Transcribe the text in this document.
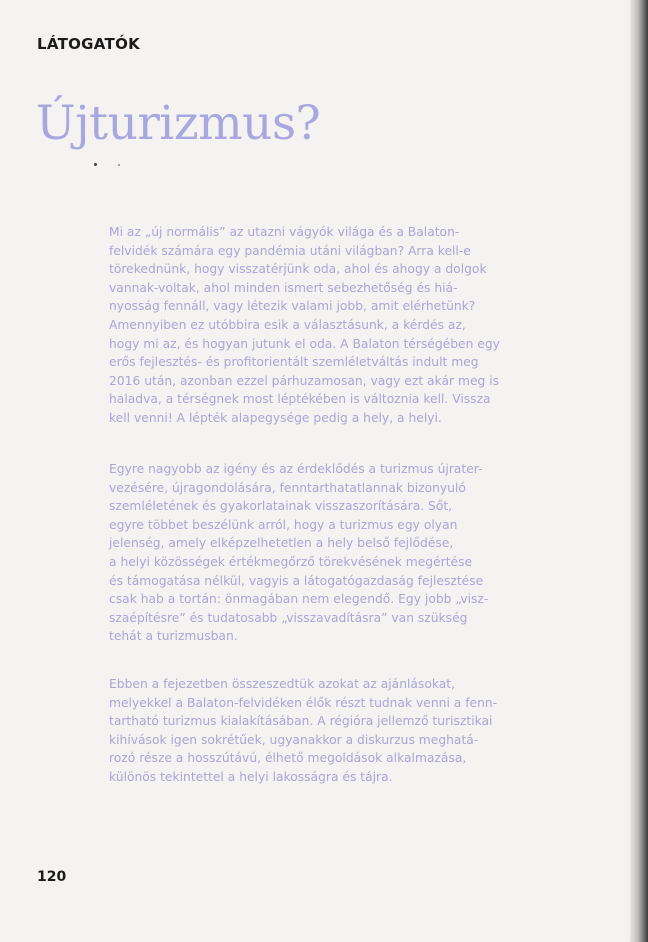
LÁTOGATÓK
Újturizmus?
Mi az „új normális” az utazni vágyók világa és a Balaton-
felvidék számára egy pandémia utáni világban? Arra kell-e
törekednünk, hogy visszatérjünk oda, ahol és ahogy a dolgok
vannak-voltak, ahol minden ismert sebezhetőség és hiá-
nyosság fennáll, vagy létezik valami jobb, amit elérhetünk?
Amennyiben ez utóbbira esik a választásunk, a kérdés az,
hogy mi az, és hogyan jutunk el oda. A Balaton térségében egy
erős fejlesztés- és profitorientált szemléletváltás indult meg
2016 után, azonban ezzel párhuzamosan, vagy ezt akár meg is
haladva, a térségnek most léptékében is változnia kell. Vissza
kell venni! A lépték alapegysége pedig a hely, a helyi.
Egyre nagyobb az igény és az érdeklődés a turizmus újrater-
vezésére, újragondolására, fenntarthatatlannak bizonyuló
szemléletének és gyakorlatainak visszaszorítására. Sőt,
egyre többet beszélünk arról, hogy a turizmus egy olyan
jelenség, amely elképzelhetetlen a hely belső fejlődése,
a helyi közösségek értékmegőrző törekvésének megértése
és támogatása nélkül, vagyis a látogatógazdaság fejlesztése
csak hab a tortán: önmagában nem elegendő. Egy jobb „visz-
szaépítésre” és tudatosabb „visszavadításra” van szükség
tehát a turizmusban.
Ebben a fejezetben összeszedtük azokat az ajánlásokat,
melyekkel a Balaton-felvidéken élők részt tudnak venni a fenn-
tartható turizmus kialakításában. A régióra jellemző turisztikai
kihívások igen sokrétűek, ugyanakkor a diskurzus meghatá-
rozó része a hosszútávú, élhető megoldások alkalmazása,
különös tekintettel a helyi lakosságra és tájra.
120
